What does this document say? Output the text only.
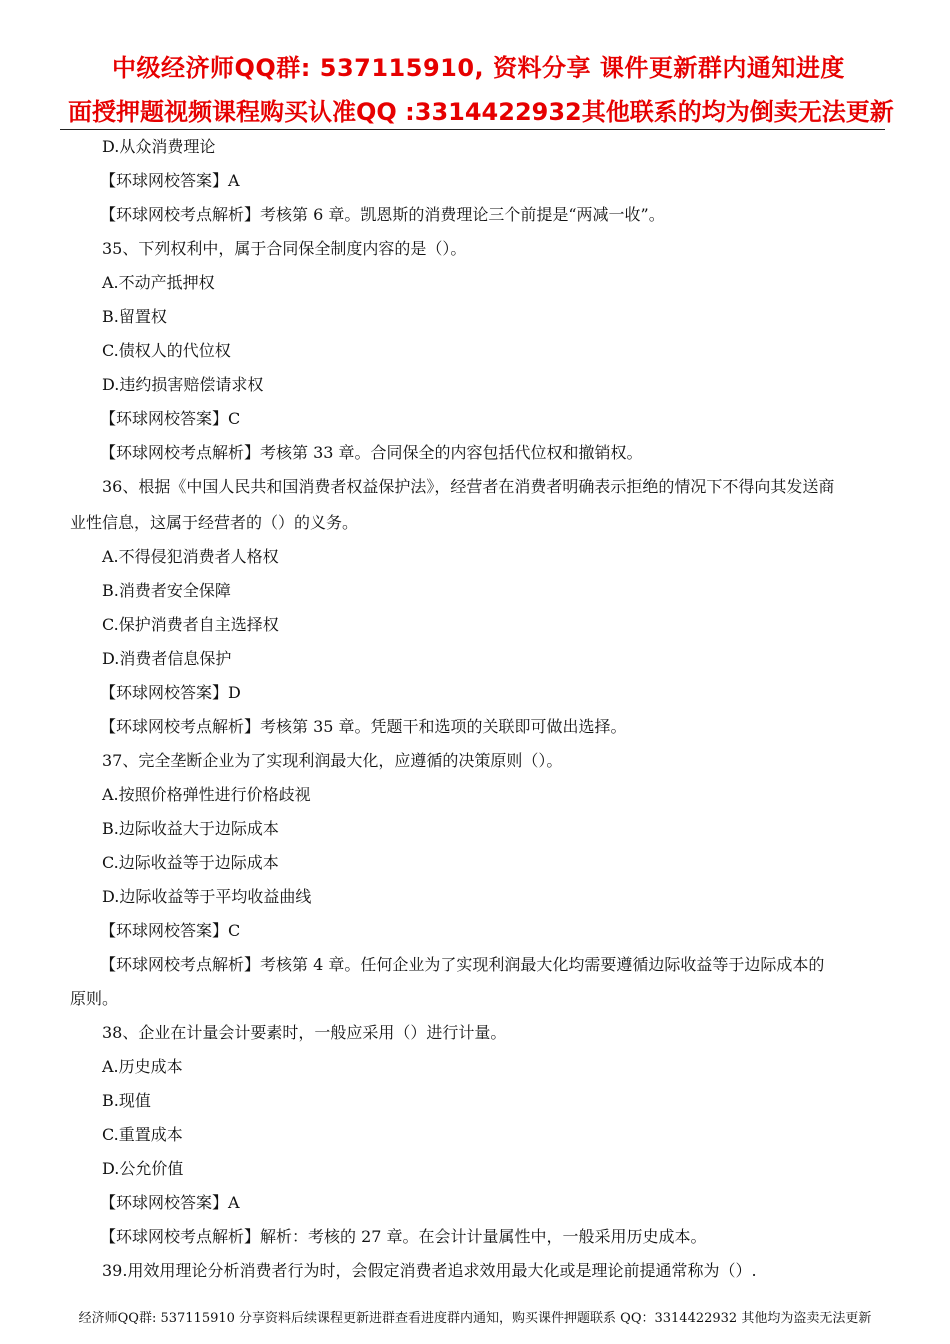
中级经济师QQ群: 537115910, 资料分享 课件更新群内通知进度
面授押题视频课程购买认准QQ :3314422932其他联系的均为倒卖无法更新
D.从众消费理论
【环球网校答案】A
【环球网校考点解析】考核第 6 章。凯恩斯的消费理论三个前提是“两减一收”。
35、下列权利中，属于合同保全制度内容的是（）。
A.不动产抵押权
B.留置权
C.债权人的代位权
D.违约损害赔偿请求权
【环球网校答案】C
【环球网校考点解析】考核第 33 章。合同保全的内容包括代位权和撤销权。
36、根据《中国人民共和国消费者权益保护法》，经营者在消费者明确表示拒绝的情况下不得向其发送商
业性信息，这属于经营者的（）的义务。
A.不得侵犯消费者人格权
B.消费者安全保障
C.保护消费者自主选择权
D.消费者信息保护
【环球网校答案】D
【环球网校考点解析】考核第 35 章。凭题干和选项的关联即可做出选择。
37、完全垄断企业为了实现利润最大化，应遵循的决策原则（）。
A.按照价格弹性进行价格歧视
B.边际收益大于边际成本
C.边际收益等于边际成本
D.边际收益等于平均收益曲线
【环球网校答案】C
【环球网校考点解析】考核第 4 章。任何企业为了实现利润最大化均需要遵循边际收益等于边际成本的
原则。
38、企业在计量会计要素时，一般应采用（）进行计量。
A.历史成本
B.现值
C.重置成本
D.公允价值
【环球网校答案】A
【环球网校考点解析】解析：考核的 27 章。在会计计量属性中，一般采用历史成本。
39.用效用理论分析消费者行为时，会假定消费者追求效用最大化或是理论前提通常称为（）.
经济师QQ群: 537115910 分享资料后续课程更新进群查看进度群内通知，购买课件押题联系 QQ：3314422932 其他均为盗卖无法更新
